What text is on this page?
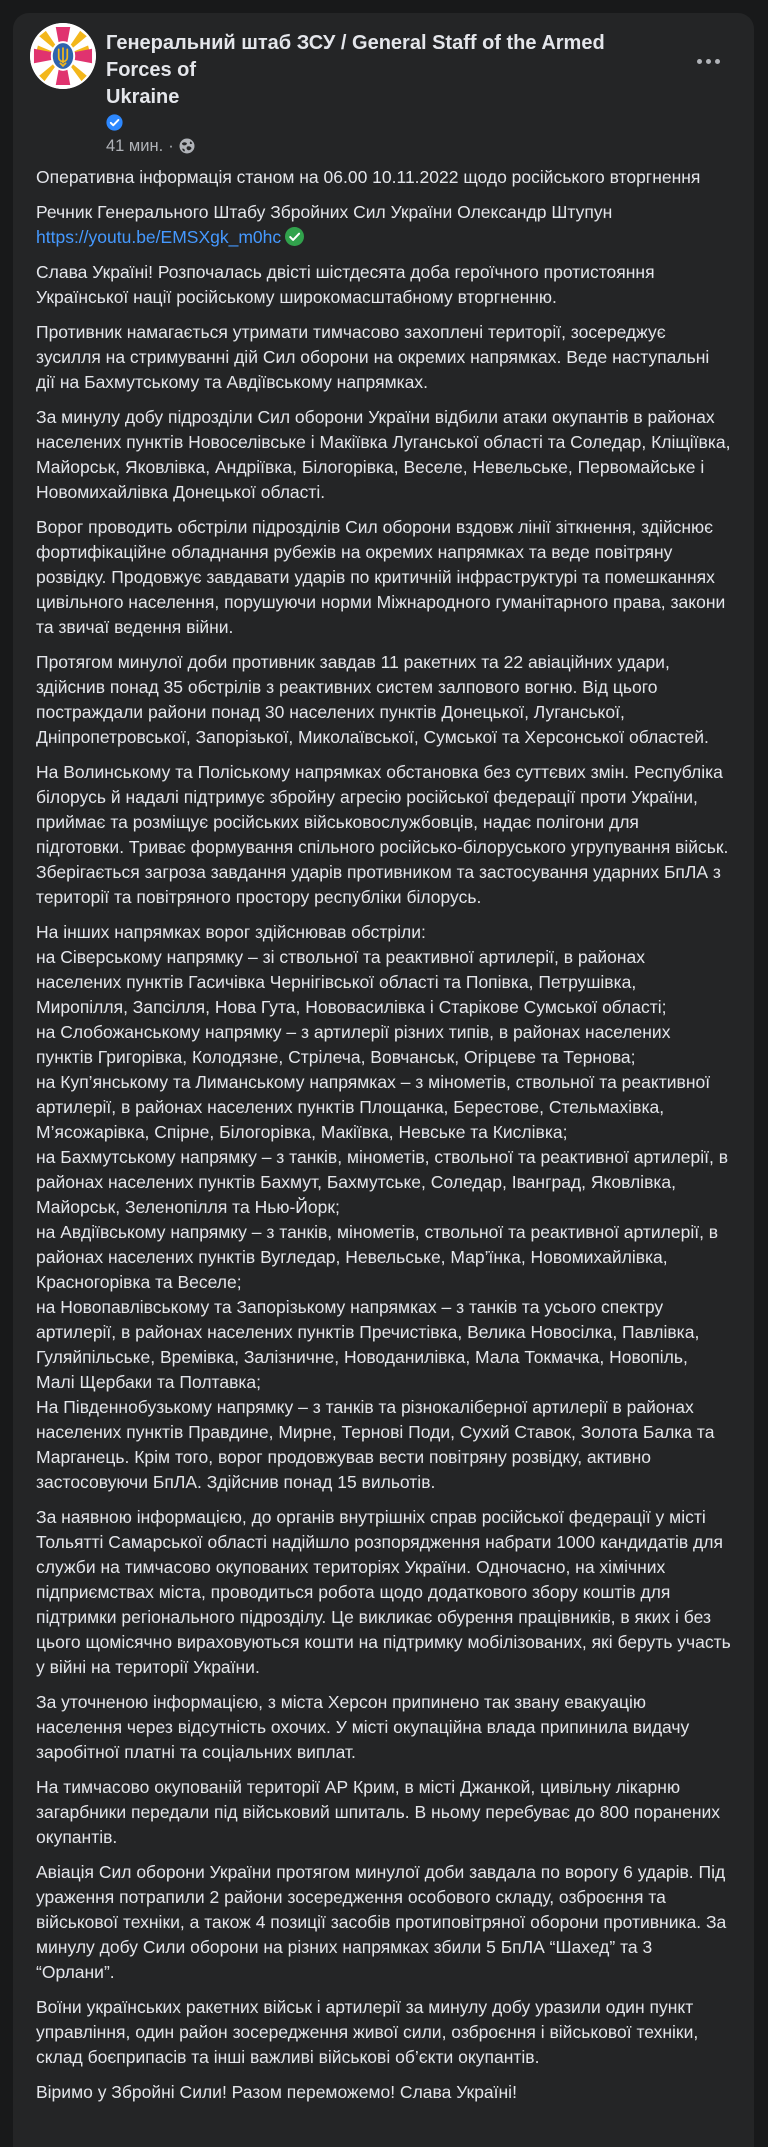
Генеральний штаб ЗСУ / General Staff of the Armed Forces of
Ukraine
41 мин. ·
Оперативна інформація станом на 06.00 10.11.2022 щодо російського вторгнення
Речник Генерального Штабу Збройних Сил України Олександр Штупун
https://youtu.be/EMSXgk_m0hc
Слава Україні! Розпочалась двісті шістдесята доба героїчного протистояння Української нації російському широкомасштабному вторгненню.
Противник намагається утримати тимчасово захоплені території, зосереджує зусилля на стримуванні дій Сил оборони на окремих напрямках. Веде наступальні дії на Бахмутському та Авдіївському напрямках.
За минулу добу підрозділи Сил оборони України відбили атаки окупантів в районах населених пунктів Новоселівське і Макіївка Луганської області та Соледар, Кліщіївка, Майорськ, Яковлівка, Андріївка, Білогорівка, Веселе, Невельське, Первомайське і Новомихайлівка Донецької області.
Ворог проводить обстріли підрозділів Сил оборони вздовж лінії зіткнення, здійснює фортифікаційне обладнання рубежів на окремих напрямках та веде повітряну розвідку. Продовжує завдавати ударів по критичній інфраструктурі та помешканнях цивільного населення, порушуючи норми Міжнародного гуманітарного права, закони та звичаї ведення війни.
Протягом минулої доби противник завдав 11 ракетних та 22 авіаційних удари, здійснив понад 35 обстрілів з реактивних систем залпового вогню. Від цього постраждали райони понад 30 населених пунктів Донецької, Луганської, Дніпропетровської, Запорізької, Миколаївської, Сумської та Херсонської областей.
На Волинському та Поліському напрямках обстановка без суттєвих змін. Республіка білорусь й надалі підтримує збройну агресію російської федерації проти України, приймає та розміщує російських військовослужбовців, надає полігони для підготовки. Триває формування спільного російсько-білоруського угрупування військ. Зберігається загроза завдання ударів противником та застосування ударних БпЛА з території та повітряного простору республіки білорусь.
На інших напрямках ворог здійснював обстріли:
на Сіверському напрямку – зі ствольної та реактивної артилерії, в районах населених пунктів Гасичівка Чернігівської області та Попівка, Петрушівка, Миропілля, Запсілля, Нова Гута, Нововасилівка і Старікове Сумської області;
на Слобожанському напрямку – з артилерії різних типів, в районах населених пунктів Григорівка, Колодязне, Стрілеча, Вовчанськ, Огірцеве та Тернова;
на Куп’янському та Лиманському напрямках – з мінометів, ствольної та реактивної артилерії, в районах населених пунктів Площанка, Берестове, Стельмахівка, М’ясожарівка, Спірне, Білогорівка, Макіївка, Невське та Кислівка;
на Бахмутському напрямку – з танків, мінометів, ствольної та реактивної артилерії, в районах населених пунктів Бахмут, Бахмутське, Соледар, Іванград, Яковлівка, Майорськ, Зеленопілля та Нью-Йорк;
на Авдіївському напрямку – з танків, мінометів, ствольної та реактивної артилерії, в районах населених пунктів Вугледар, Невельське, Мар’їнка, Новомихайлівка, Красногорівка та Веселе;
на Новопавлівському та Запорізькому напрямках – з танків та усього спектру артилерії, в районах населених пунктів Пречистівка, Велика Новосілка, Павлівка, Гуляйпільське, Времівка, Залізничне, Новоданилівка, Мала Токмачка, Новопіль, Малі Щербаки та Полтавка;
На Південнобузькому напрямку – з танків та різнокаліберної артилерії в районах населених пунктів Правдине, Мирне, Тернові Поди, Сухий Ставок, Золота Балка та Марганець. Крім того, ворог продовжував вести повітряну розвідку, активно застосовуючи БпЛА. Здійснив понад 15 вильотів.
За наявною інформацією, до органів внутрішніх справ російської федерації у місті Тольятті Самарської області надійшло розпорядження набрати 1000 кандидатів для служби на тимчасово окупованих територіях України. Одночасно, на хімічних підприємствах міста, проводиться робота щодо додаткового збору коштів для підтримки регіонального підрозділу. Це викликає обурення працівників, в яких і без цього щомісячно вираховуються кошти на підтримку мобілізованих, які беруть участь у війні на території України.
За уточненою інформацією, з міста Херсон припинено так звану евакуацію населення через відсутність охочих. У місті окупаційна влада припинила видачу заробітної платні та соціальних виплат.
На тимчасово окупованій території АР Крим, в місті Джанкой, цивільну лікарню загарбники передали під військовий шпиталь. В ньому перебуває до 800 поранених окупантів.
Авіація Сил оборони України протягом минулої доби завдала по ворогу 6 ударів. Під ураження потрапили 2 райони зосередження особового складу, озброєння та військової техніки, а також 4 позиції засобів протиповітряної оборони противника. За минулу добу Сили оборони на різних напрямках збили 5 БпЛА “Шахед” та 3 “Орлани”.
Воїни українських ракетних військ і артилерії за минулу добу уразили один пункт управління, один район зосередження живої сили, озброєння і військової техніки, склад боєприпасів та інші важливі військові об’єкти окупантів.
Віримо у Збройні Сили! Разом переможемо! Слава Україні!
